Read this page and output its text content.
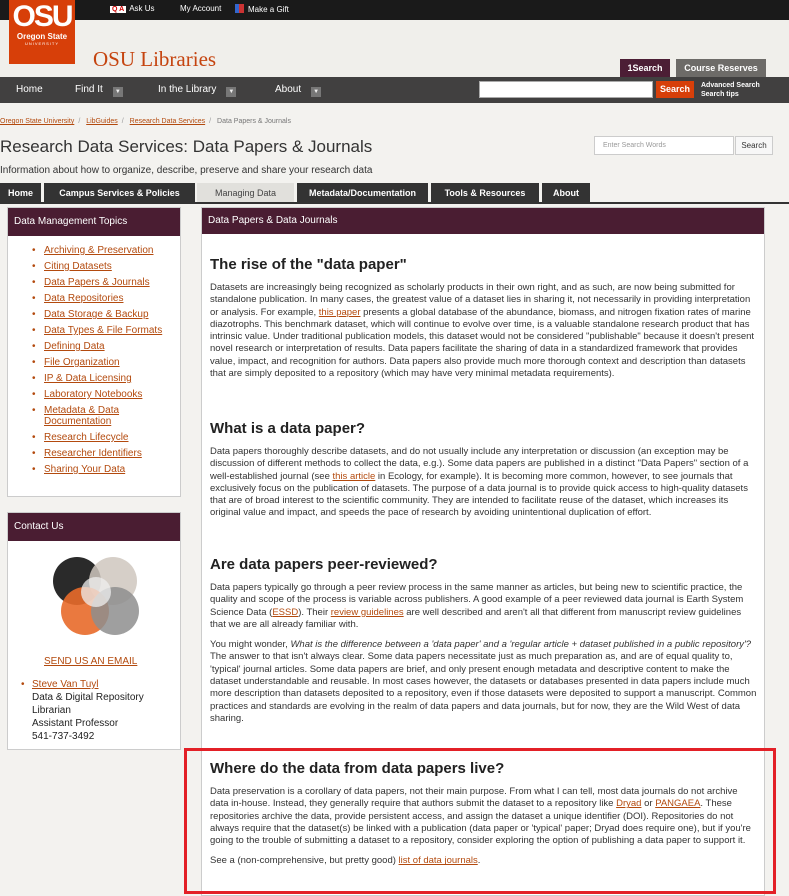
Q A Ask Us	My Account	Make a Gift
OSU Libraries	1Search	Course Reserves
OSU
Oregon State
UNIVERSITY
Home	Find It ▼	In the Library ▼	About ▼	Search	Advanced Search
Search tips
Oregon State University / LibGuides / Research Data Services / Data Papers & Journals
Research Data Services: Data Papers & Journals
Information about how to organize, describe, preserve and share your research data
Enter Search Words	Search
Home	Campus Services & Policies	Managing Data	Metadata/Documentation	Tools & Resources	About
Data Management Topics
• Archiving & Preservation
• Citing Datasets
• Data Papers & Journals
• Data Repositories
• Data Storage & Backup
• Data Types & File Formats
• Defining Data
• File Organization
• IP & Data Licensing
• Laboratory Notebooks
• Metadata & Data Documentation
• Research Lifecycle
• Researcher Identifiers
• Sharing Your Data
Contact Us
SEND US AN EMAIL
• Steve Van Tuyl
Data & Digital Repository Librarian
Assistant Professor
541-737-3492
Data Papers & Data Journals
The rise of the "data paper"

Datasets are increasingly being recognized as scholarly products in their own right, and as such, are now being submitted for standalone publication. In many cases, the greatest value of a dataset lies in sharing it, not necessarily in providing interpretation or analysis. For example, this paper presents a global database of the abundance, biomass, and nitrogen fixation rates of marine diazotrophs. This benchmark dataset, which will continue to evolve over time, is a valuable standalone research product that has intrinsic value. Under traditional publication models, this dataset would not be considered "publishable" because it doesn't present novel research or interpretation of results. Data papers facilitate the sharing of data in a standardized framework that provides value, impact, and recognition for authors. Data papers also provide much more thorough context and description than datasets that are simply deposited to a repository (which may have very minimal metadata requirements).

What is a data paper?

Data papers thoroughly describe datasets, and do not usually include any interpretation or discussion (an exception may be discussion of different methods to collect the data, e.g.). Some data papers are published in a distinct "Data Papers" section of a well-established journal (see this article in Ecology, for example). It is becoming more common, however, to see journals that exclusively focus on the publication of datasets. The purpose of a data journal is to provide quick access to high-quality datasets that are of broad interest to the scientific community. They are intended to facilitate reuse of the dataset, which increases its original value and impact, and speeds the pace of research by avoiding unintentional duplication of effort.

Are data papers peer-reviewed?

Data papers typically go through a peer review process in the same manner as articles, but being new to scientific practice, the quality and scope of the process is variable across publishers. A good example of a peer reviewed data journal is Earth System Science Data (ESSD). Their review guidelines are well described and aren't all that different from manuscript review guidelines that we are all already familiar with.

You might wonder, What is the difference between a 'data paper' and a 'regular article + dataset published in a public repository'? The answer to that isn't always clear. Some data papers necessitate just as much preparation as, and are of equal quality to, 'typical' journal articles. Some data papers are brief, and only present enough metadata and descriptive content to make the dataset understandable and reusable. In most cases however, the datasets or databases presented in data papers include much more description than datasets deposited to a repository, even if those datasets were deposited to support a manuscript. Common practices and standards are evolving in the realm of data papers and data journals, but for now, they are the Wild West of data sharing.

Where do the data from data papers live?

Data preservation is a corollary of data papers, not their main purpose. From what I can tell, most data journals do not archive data in-house. Instead, they generally require that authors submit the dataset to a repository like Dryad or PANGAEA. These repositories archive the data, provide persistent access, and assign the dataset a unique identifier (DOI). Repositories do not always require that the dataset(s) be linked with a publication (data paper or 'typical' paper; Dryad does require one), but if you're going to the trouble of submitting a dataset to a repository, consider exploring the option of publishing a data paper to support it.

See a (non-comprehensive, but pretty good) list of data journals.
